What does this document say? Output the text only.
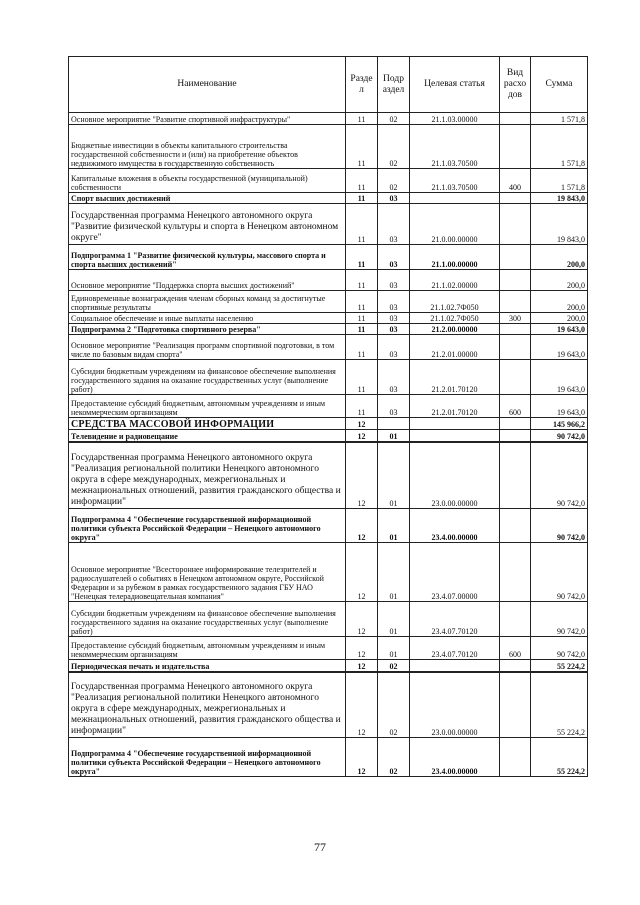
Наименование	Разде л	Подр аздел	Целевая статья	Вид расхо дов	Сумма
Основное мероприятие "Развитие спортивной инфраструктуры"	11	02	21.1.03.00000		1 571,8
Бюджетные инвестиции в объекты капитального строительства государственной собственности и (или) на приобретение объектов недвижимого имущества в государственную собственность	11	02	21.1.03.70500		1 571,8
Капитальные вложения в объекты государственной (муниципальной) собственности	11	02	21.1.03.70500	400	1 571,8
Спорт высших достижений	11	03			19 843,0
Государственная программа Ненецкого автономного округа "Развитие физической культуры и спорта в Ненецком автономном округе"	11	03	21.0.00.00000		19 843,0
Подпрограмма 1 "Развитие физической культуры, массового спорта и спорта высших достижений"	11	03	21.1.00.00000		200,0
Основное мероприятие "Поддержка спорта высших достижений"	11	03	21.1.02.00000		200,0
Единовременные вознаграждения членам сборных команд за достигнутые спортивные результаты	11	03	21.1.02.7Ф050		200,0
Социальное обеспечение и иные выплаты населению	11	03	21.1.02.7Ф050	300	200,0
Подпрограмма 2 "Подготовка спортивного резерва"	11	03	21.2.00.00000		19 643,0
Основное мероприятие "Реализация программ спортивной подготовки, в том числе по базовым видам спорта"	11	03	21.2.01.00000		19 643,0
Субсидии бюджетным учреждениям на финансовое обеспечение выполнения государственного задания на оказание государственных услуг (выполнение работ)	11	03	21.2.01.70120		19 643,0
Предоставление субсидий бюджетным, автономным учреждениям и иным некоммерческим организациям	11	03	21.2.01.70120	600	19 643,0
СРЕДСТВА МАССОВОЙ ИНФОРМАЦИИ	12				145 966,2
Телевидение и радиовещание	12	01			90 742,0
Государственная программа Ненецкого автономного округа "Реализация региональной политики Ненецкого автономного округа в сфере международных, межрегиональных и межнациональных отношений, развития гражданского общества и информации"	12	01	23.0.00.00000		90 742,0
Подпрограмма 4 "Обеспечение государственной информационной политики субъекта Российской Федерации – Ненецкого автономного округа"	12	01	23.4.00.00000		90 742,0
Основное мероприятие "Всестороннее информирование телезрителей и радиослушателей о событиях в Ненецком автономном округе, Российской Федерации и за рубежом в рамках государственного задания ГБУ НАО "Ненецкая телерадиовещательная компания"	12	01	23.4.07.00000		90 742,0
Субсидии бюджетным учреждениям на финансовое обеспечение выполнения государственного задания на оказание государственных услуг (выполнение работ)	12	01	23.4.07.70120		90 742,0
Предоставление субсидий бюджетным, автономным учреждениям и иным некоммерческим организациям	12	01	23.4.07.70120	600	90 742,0
Периодическая печать и издательства	12	02			55 224,2
Государственная программа Ненецкого автономного округа "Реализация региональной политики Ненецкого автономного округа в сфере международных, межрегиональных и межнациональных отношений, развития гражданского общества и информации"	12	02	23.0.00.00000		55 224,2
Подпрограмма 4 "Обеспечение государственной информационной политики субъекта Российской Федерации – Ненецкого автономного округа"	12	02	23.4.00.00000		55 224,2
77
